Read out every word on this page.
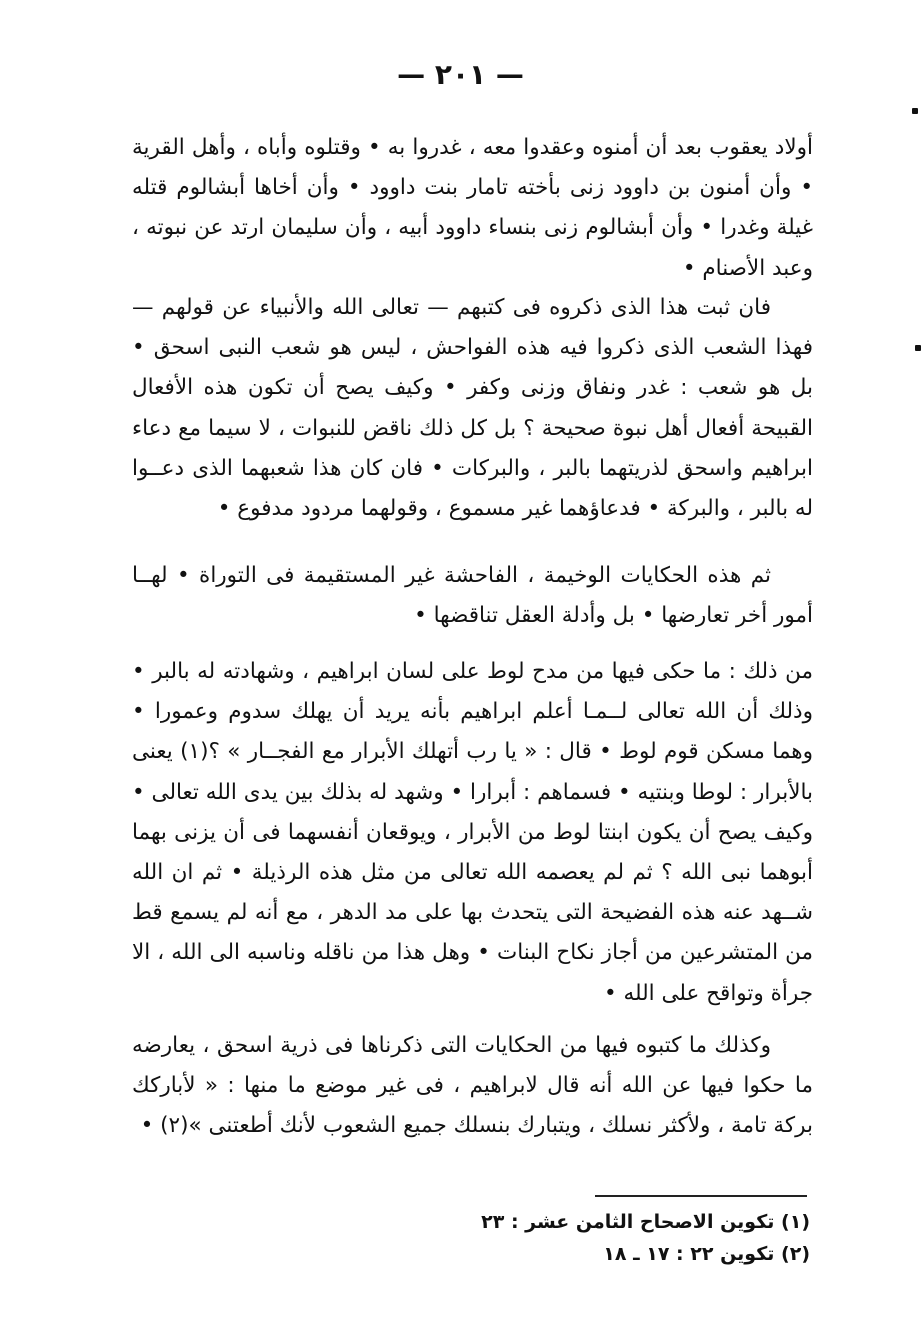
— ٢٠١ —

أولاد يعقوب بعد أن أمنوه وعقدوا معه ، غدروا به • وقتلوه وأباه ، وأهل القرية • وأن أمنون بن داوود زنى بأخته تامار بنت داوود • وأن أخاها أبشالوم قتله غيلة وغدرا • وأن أبشالوم زنى بنساء داوود أبيه ، وأن سليمان ارتد عن نبوته ، وعبد الأصنام •

فان ثبت هذا الذى ذكروه فى كتبهم — تعالى الله والأنبياء عن قولهم — فهذا الشعب الذى ذكروا فيه هذه الفواحش ، ليس هو شعب النبى اسحق • بل هو شعب : غدر ونفاق وزنى وكفر • وكيف يصح أن تكون هذه الأفعال القبيحة أفعال أهل نبوة صحيحة ؟ بل كل ذلك ناقض للنبوات ، لا سيما مع دعاء ابراهيم واسحق لذريتهما بالبر ، والبركات • فان كان هذا شعبهما الذى دعــوا له بالبر ، والبركة • فدعاؤهما غير مسموع ، وقولهما مردود مدفوع •

ثم هذه الحكايات الوخيمة ، الفاحشة غير المستقيمة فى التوراة • لهــا أمور أخر تعارضها • بل وأدلة العقل تناقضها •

من ذلك : ما حكى فيها من مدح لوط على لسان ابراهيم ، وشهادته له بالبر • وذلك أن الله تعالى لــمـا أعلم ابراهيم بأنه يريد أن يهلك سدوم وعمورا • وهما مسكن قوم لوط • قال : « يا رب أتهلك الأبرار مع الفجــار » ؟(١) يعنى بالأبرار : لوطا وبنتيه • فسماهم : أبرارا • وشهد له بذلك بين يدى الله تعالى • وكيف يصح أن يكون ابنتا لوط من الأبرار ، ويوقعان أنفسهما فى أن يزنى بهما أبوهما نبى الله ؟ ثم لم يعصمه الله تعالى من مثل هذه الرذيلة • ثم ان الله شــهد عنه هذه الفضيحة التى يتحدث بها على مد الدهر ، مع أنه لم يسمع قط من المتشرعين من أجاز نكاح البنات • وهل هذا من ناقله وناسبه الى الله ، الا جرأة وتواقح على الله •

وكذلك ما كتبوه فيها من الحكايات التى ذكرناها فى ذرية اسحق ، يعارضه ما حكوا فيها عن الله أنه قال لابراهيم ، فى غير موضع ما منها : « لأباركك بركة تامة ، ولأكثر نسلك ، ويتبارك بنسلك جميع الشعوب لأنك أطعتنى »(٢) •

(١) تكوين الاصحاح الثامن عشر : ٢٣
(٢) تكوين ٢٢ : ١٧ ـ ١٨
